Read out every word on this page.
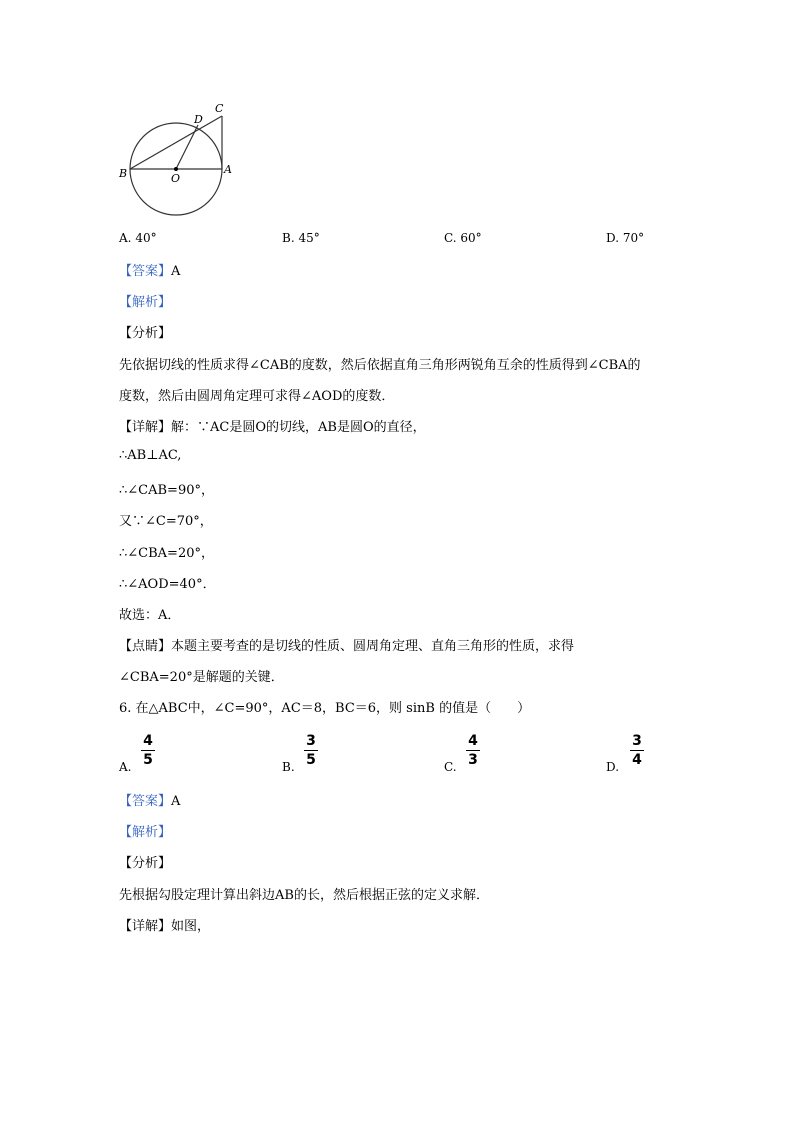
B	O
A
D
C
A. 40°	B. 45°	C. 60°	D. 70°
【答案】A
【解析】
【分析】
先依据切线的性质求得∠CAB的度数，然后依据直角三角形两锐角互余的性质得到∠CBA的
度数，然后由圆周角定理可求得∠AOD的度数．
【详解】解：∵AC是圆O的切线，AB是圆O的直径，
∴AB⊥AC,
∴∠CAB=90°，
又∵∠C=70°，
∴∠CBA=20°，
∴∠AOD=40°．
故选：A．
【点睛】本题主要考查的是切线的性质、圆周角定理、直角三角形的性质，求得
∠CBA=20°是解题的关键．
6. 在△ABC中，∠C=90°，AC＝8，BC＝6，则 sinB 的值是（　　）
A.
4
5	B.
3
5	C.
4
3	D.
3
4
【答案】A
【解析】
【分析】
先根据勾股定理计算出斜边AB的长，然后根据正弦的定义求解．
【详解】如图，
